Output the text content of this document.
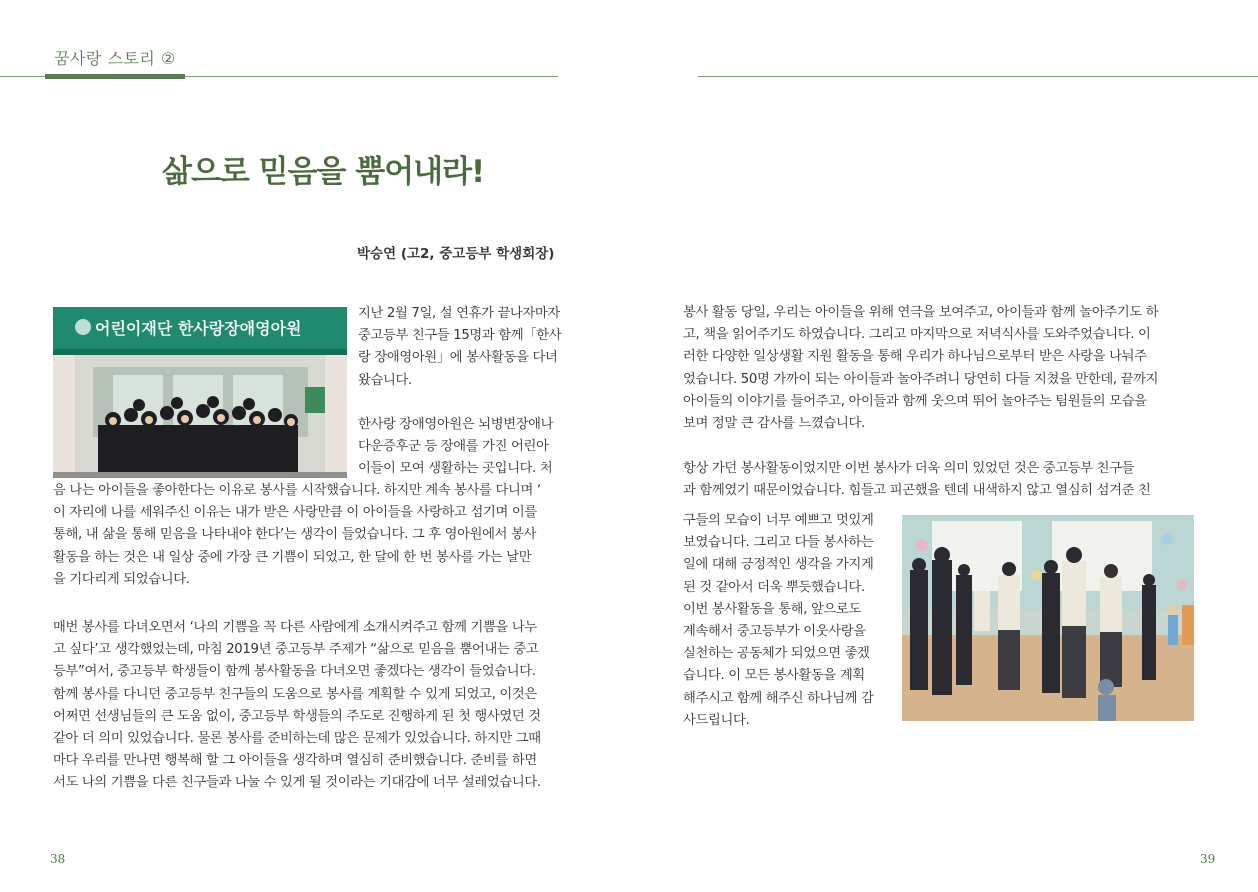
꿈사랑 스토리 ②
삶으로 믿음을 뿜어내라!
박승연 (고2, 중고등부 학생회장)
어린이재단 한사랑장애영아원

지난 2월 7일, 설 연휴가 끝나자마자

중고등부 친구들 15명과 함께「한사

랑 장애영아원」에 봉사활동을 다녀

왔습니다.

한사랑 장애영아원은 뇌병변장애나

다운증후군 등 장애를 가진 어린아

이들이 모여 생활하는 곳입니다. 처

음 나는 아이들을 좋아한다는 이유로 봉사를 시작했습니다. 하지만 계속 봉사를 다니며 ‘

이 자리에 나를 세워주신 이유는 내가 받은 사랑만큼 이 아이들을 사랑하고 섬기며 이를

통해, 내 삶을 통해 믿음을 나타내야 한다’는 생각이 들었습니다. 그 후 영아원에서 봉사

활동을 하는 것은 내 일상 중에 가장 큰 기쁨이 되었고, 한 달에 한 번 봉사를 가는 날만

을 기다리게 되었습니다.

매번 봉사를 다녀오면서 ‘나의 기쁨을 꼭 다른 사람에게 소개시켜주고 함께 기쁨을 나누

고 싶다’고 생각했었는데, 마침 2019년 중고등부 주제가 “삶으로 믿음을 뿜어내는 중고

등부”여서, 중고등부 학생들이 함께 봉사활동을 다녀오면 좋겠다는 생각이 들었습니다.

함께 봉사를 다니던 중고등부 친구들의 도움으로 봉사를 계획할 수 있게 되었고, 이것은

어쩌면 선생님들의 큰 도움 없이, 중고등부 학생들의 주도로 진행하게 된 첫 행사였던 것

같아 더 의미 있었습니다. 물론 봉사를 준비하는데 많은 문제가 있었습니다. 하지만 그때

마다 우리를 만나면 행복해 할 그 아이들을 생각하며 열심히 준비했습니다. 준비를 하면

서도 나의 기쁨을 다른 친구들과 나눌 수 있게 될 것이라는 기대감에 너무 설레었습니다.

봉사 활동 당일, 우리는 아이들을 위해 연극을 보여주고, 아이들과 함께 놀아주기도 하

고, 책을 읽어주기도 하였습니다. 그리고 마지막으로 저녁식사를 도와주었습니다. 이

러한 다양한 일상생활 지원 활동을 통해 우리가 하나님으로부터 받은 사랑을 나눠주

었습니다. 50명 가까이 되는 아이들과 놀아주려니 당연히 다들 지쳤을 만한데, 끝까지

아이들의 이야기를 들어주고, 아이들과 함께 웃으며 뛰어 놀아주는 팀원들의 모습을

보며 정말 큰 감사를 느꼈습니다.

항상 가던 봉사활동이었지만 이번 봉사가 더욱 의미 있었던 것은 중고등부 친구들

과 함께였기 때문이었습니다. 힘들고 피곤했을 텐데 내색하지 않고 열심히 섬겨준 친

구들의 모습이 너무 예쁘고 멋있게

보였습니다. 그리고 다들 봉사하는

일에 대해 긍정적인 생각을 가지게

된 것 같아서 더욱 뿌듯했습니다.

이번 봉사활동을 통해, 앞으로도

계속해서 중고등부가 이웃사랑을

실천하는 공동체가 되었으면 좋겠

습니다. 이 모든 봉사활동을 계획

해주시고 함께 해주신 하나님께 감

사드립니다.

38	39
